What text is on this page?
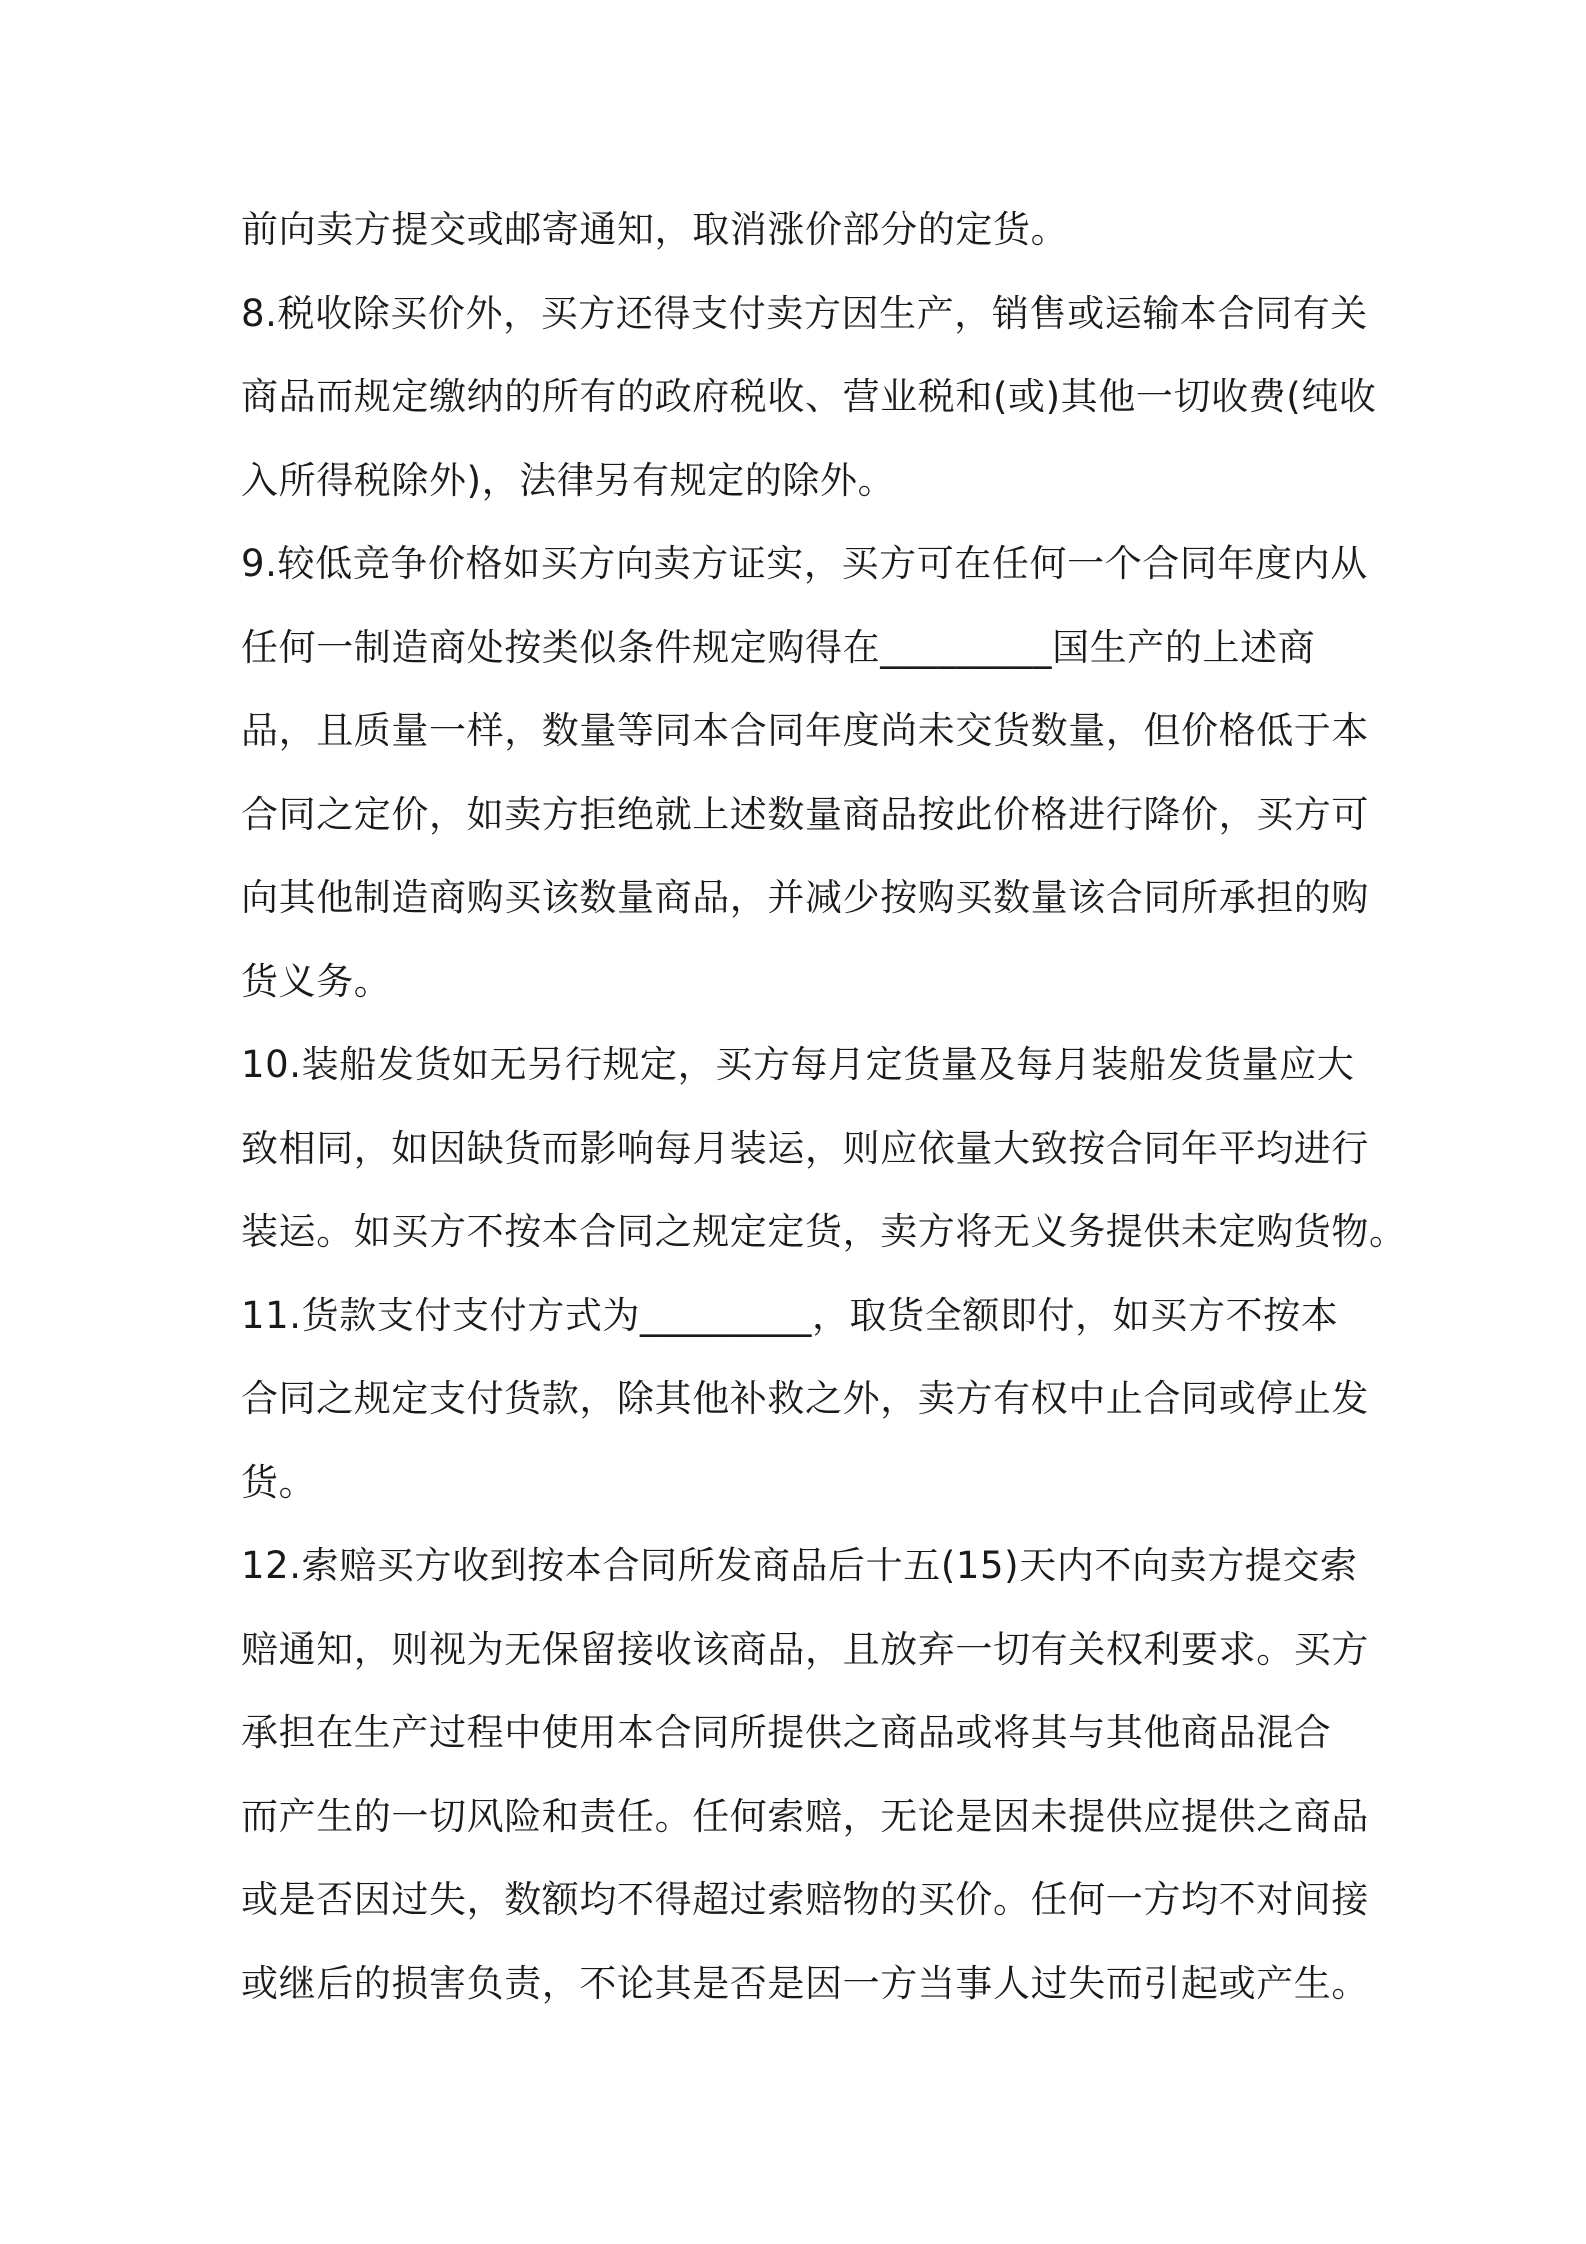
前向卖方提交或邮寄通知，取消涨价部分的定货。
8.税收除买价外，买方还得支付卖方因生产，销售或运输本合同有关
商品而规定缴纳的所有的政府税收、营业税和(或)其他一切收费(纯收
入所得税除外)，法律另有规定的除外。
9.较低竞争价格如买方向卖方证实，买方可在任何一个合同年度内从
任何一制造商处按类似条件规定购得在_________国生产的上述商
品，且质量一样，数量等同本合同年度尚未交货数量，但价格低于本
合同之定价，如卖方拒绝就上述数量商品按此价格进行降价，买方可
向其他制造商购买该数量商品，并减少按购买数量该合同所承担的购
货义务。
10.装船发货如无另行规定，买方每月定货量及每月装船发货量应大
致相同，如因缺货而影响每月装运，则应依量大致按合同年平均进行
装运。如买方不按本合同之规定定货，卖方将无义务提供未定购货物。
11.货款支付支付方式为_________，取货全额即付，如买方不按本
合同之规定支付货款，除其他补救之外，卖方有权中止合同或停止发
货。
12.索赔买方收到按本合同所发商品后十五(15)天内不向卖方提交索
赔通知，则视为无保留接收该商品，且放弃一切有关权利要求。买方
承担在生产过程中使用本合同所提供之商品或将其与其他商品混合
而产生的一切风险和责任。任何索赔，无论是因未提供应提供之商品
或是否因过失，数额均不得超过索赔物的买价。任何一方均不对间接
或继后的损害负责，不论其是否是因一方当事人过失而引起或产生。
